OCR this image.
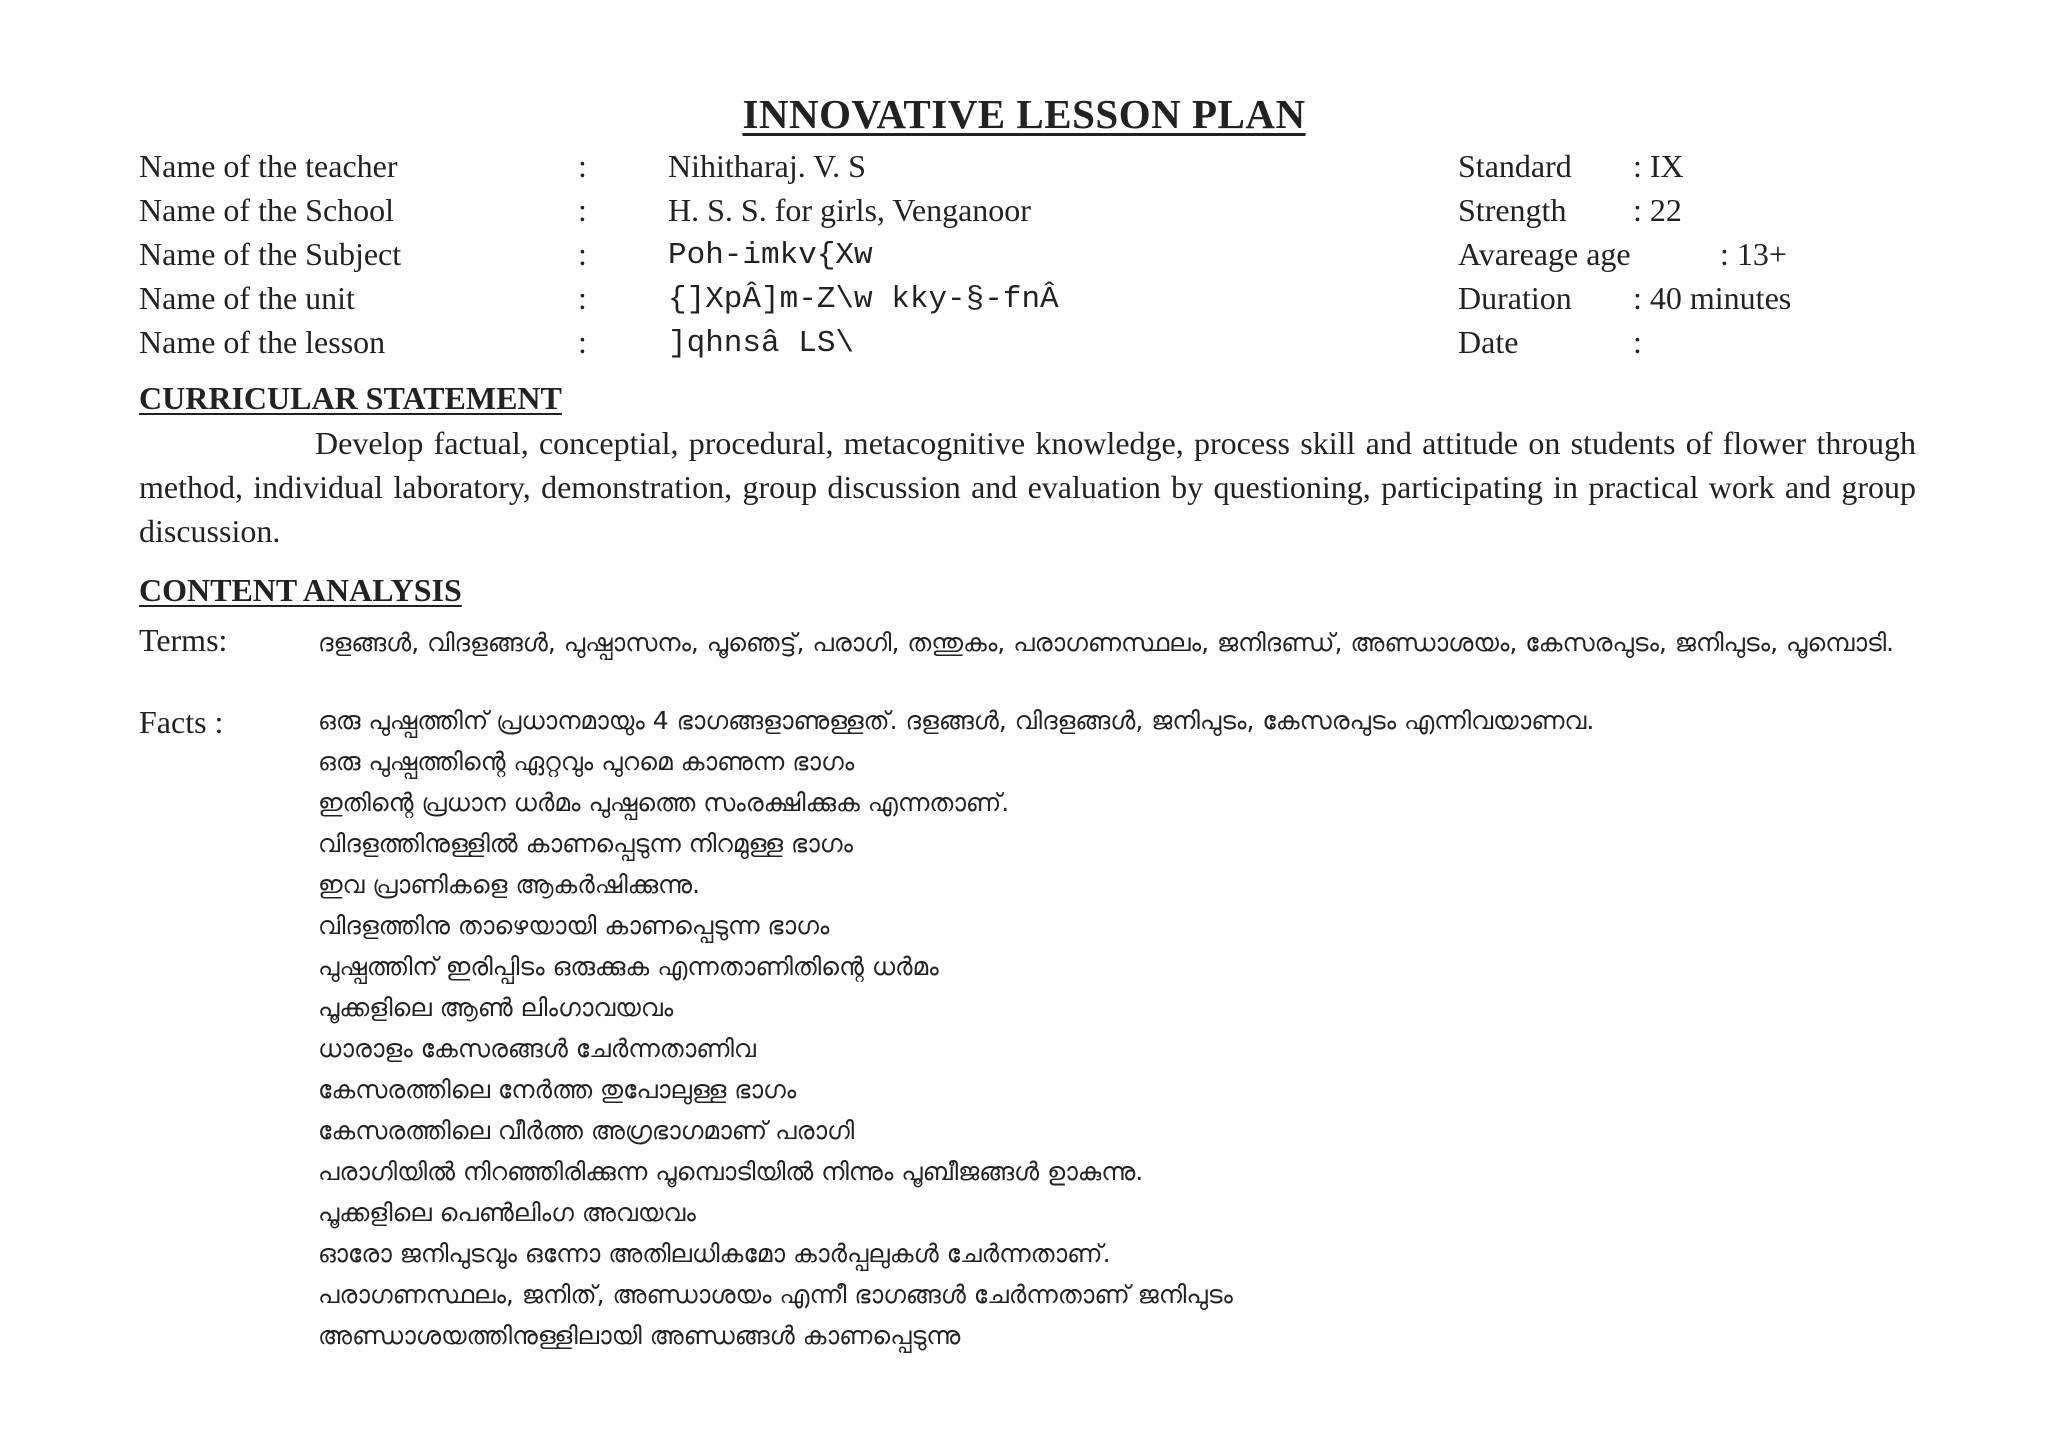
INNOVATIVE LESSON PLAN
Name of the teacher	:	Nihitharaj. V. S	Standard : IX
Name of the School	:	H. S. S. for girls, Venganoor	Strength : 22
Name of the Subject	:	Poh-imkv{Xw	Avareage age	: 13+
Name of the unit	:	{]XpÂ]m-Z\w kky-§-fnÂ	Duration : 40 minutes
Name of the lesson	:	]qhnsâ LS\	Date	:
CURRICULAR STATEMENT

Develop factual, conceptial, procedural, metacognitive knowledge, process skill and attitude on students of flower through method, individual laboratory, demonstration, group discussion and evaluation by questioning, participating in practical work and group discussion.

CONTENT ANALYSIS
Terms:	ദളങ്ങൾ, വിദളങ്ങൾ, പുഷ്പാസനം, പൂഞെട്ട്, പരാഗി, തന്തുകം, പരാഗണസ്ഥലം, ജനിദണ്ഡ്, അണ്ഡാശയം, കേസരപുടം, ജനിപുടം, പൂമ്പൊടി.

Facts :	ഒരു പുഷ്പത്തിന് പ്രധാനമായും 4 ഭാഗങ്ങളാണുള്ളത്. ദളങ്ങൾ, വിദളങ്ങൾ, ജനിപുടം, കേസരപുടം എന്നിവയാണവ.
ഒരു പുഷ്പത്തിന്റെ ഏറ്റവും പുറമെ കാണുന്ന ഭാഗം
ഇതിന്റെ പ്രധാന ധർമം പുഷ്പത്തെ സംരക്ഷിക്കുക എന്നതാണ്.
വിദളത്തിനുള്ളിൽ കാണപ്പെടുന്ന നിറമുള്ള ഭാഗം
ഇവ പ്രാണികളെ ആകർഷിക്കുന്നു.
വിദളത്തിനു താഴെയായി കാണപ്പെടുന്ന ഭാഗം
പുഷ്പത്തിന് ഇരിപ്പിടം ഒരുക്കുക എന്നതാണിതിന്റെ ധർമം
പൂക്കളിലെ ആൺ ലിംഗാവയവം
ധാരാളം കേസരങ്ങൾ ചേർന്നതാണിവ
കേസരത്തിലെ നേർത്ത തുപോലുള്ള ഭാഗം
കേസരത്തിലെ വീർത്ത അഗ്രഭാഗമാണ് പരാഗി
പരാഗിയിൽ നിറഞ്ഞിരിക്കുന്ന പൂമ്പൊടിയിൽ നിന്നും പൂബീജങ്ങൾ ഉാകുന്നു.
പൂക്കളിലെ പെൺലിംഗ അവയവം
ഓരോ ജനിപുടവും ഒന്നോ അതിലധികമോ കാർപ്പലുകൾ ചേർന്നതാണ്.
പരാഗണസ്ഥലം, ജനിത്, അണ്ഡാശയം എന്നീ ഭാഗങ്ങൾ ചേർന്നതാണ് ജനിപുടം
അണ്ഡാശയത്തിനുള്ളിലായി അണ്ഡങ്ങൾ കാണപ്പെടുന്നു
